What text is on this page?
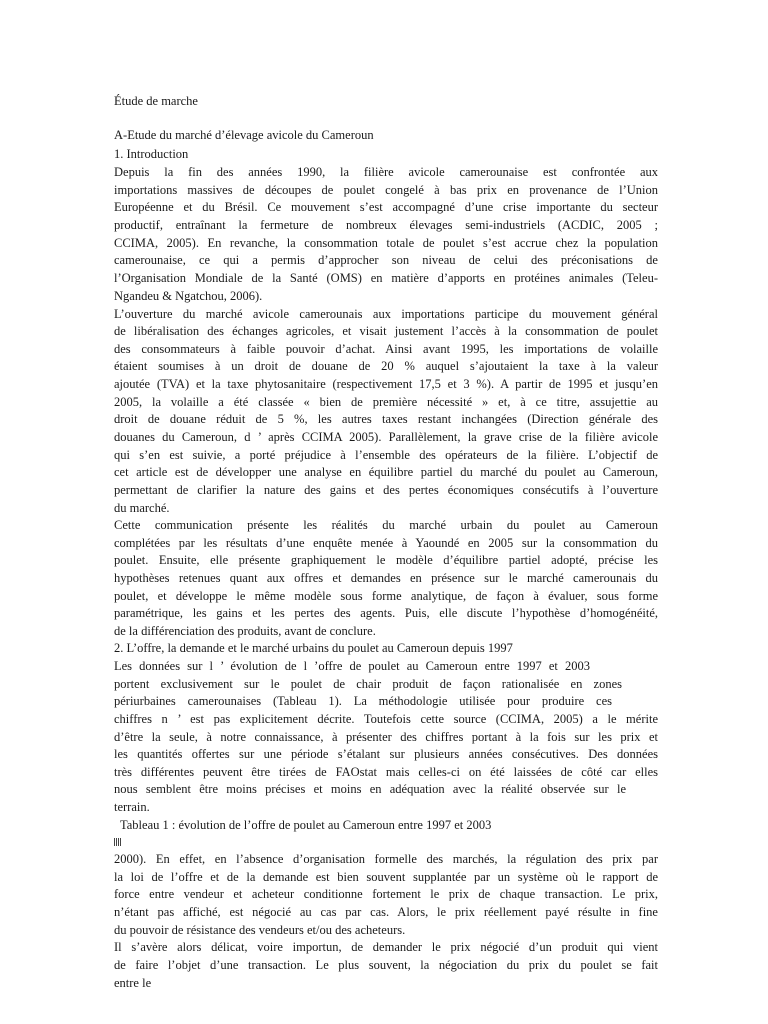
Étude de marche

A-Etude du marché d’élevage avicole du Cameroun

1. Introduction

Depuis la fin des années 1990, la filière avicole camerounaise est confrontée aux

importations massives de découpes de poulet congelé à bas prix en provenance de l’Union

Européenne et du Brésil. Ce mouvement s’est accompagné d’une crise importante du secteur

productif, entraînant la fermeture de nombreux élevages semi-industriels (ACDIC, 2005 ;

CCIMA, 2005). En revanche, la consommation totale de poulet s’est accrue chez la population

camerounaise, ce qui a permis d’approcher son niveau de celui des préconisations de

l’Organisation Mondiale de la Santé (OMS) en matière d’apports en protéines animales (Teleu-

Ngandeu & Ngatchou, 2006).

L’ouverture du marché avicole camerounais aux importations participe du mouvement général

de libéralisation des échanges agricoles, et visait justement l’accès à la consommation de poulet

des consommateurs à faible pouvoir d’achat. Ainsi avant 1995, les importations de volaille

étaient soumises à un droit de douane de 20 % auquel s’ajoutaient la taxe à la valeur

ajoutée (TVA) et la taxe phytosanitaire (respectivement 17,5 et 3 %). A partir de 1995 et jusqu’en

2005, la volaille a été classée « bien de première nécessité » et, à ce titre, assujettie au

droit de douane réduit de 5 %, les autres taxes restant inchangées (Direction générale des

douanes du Cameroun, d ’ après CCIMA 2005). Parallèlement, la grave crise de la filière avicole

qui s’en est suivie, a porté préjudice à l’ensemble des opérateurs de la filière. L’objectif de

cet article est de développer une analyse en équilibre partiel du marché du poulet au Cameroun,

permettant de clarifier la nature des gains et des pertes économiques consécutifs à l’ouverture

du marché.

Cette communication présente les réalités du marché urbain du poulet au Cameroun

complétées par les résultats d’une enquête menée à Yaoundé en 2005 sur la consommation du

poulet. Ensuite, elle présente graphiquement le modèle d’équilibre partiel adopté, précise les

hypothèses retenues quant aux offres et demandes en présence sur le marché camerounais du

poulet, et développe le même modèle sous forme analytique, de façon à évaluer, sous forme

paramétrique, les gains et les pertes des agents. Puis, elle discute l’hypothèse d’homogénéité,

de la différenciation des produits, avant de conclure.

2. L’offre, la demande et le marché urbains du poulet au Cameroun depuis 1997

Les données sur l ’ évolution de l ’offre de poulet au Cameroun entre 1997 et 2003

portent exclusivement sur le poulet de chair produit de façon rationalisée en zones

périurbaines camerounaises (Tableau 1). La méthodologie utilisée pour produire ces

chiffres n ’ est pas explicitement décrite. Toutefois cette source (CCIMA, 2005) a le mérite

d’être la seule, à notre connaissance, à présenter des chiffres portant à la fois sur les prix et

les quantités offertes sur une période s’étalant sur plusieurs années consécutives. Des données

très différentes peuvent être tirées de FAOstat mais celles-ci on été laissées de côté car elles

nous semblent être moins précises et moins en adéquation avec la réalité observée sur le

terrain.

Tableau 1 : évolution de l’offre de poulet au Cameroun entre 1997 et 2003

2000). En effet, en l’absence d’organisation formelle des marchés, la régulation des prix par

la loi de l’offre et de la demande est bien souvent supplantée par un système où le rapport de

force entre vendeur et acheteur conditionne fortement le prix de chaque transaction. Le prix,

n’étant pas affiché, est négocié au cas par cas. Alors, le prix réellement payé résulte in fine

du pouvoir de résistance des vendeurs et/ou des acheteurs.

Il s’avère alors délicat, voire importun, de demander le prix négocié d’un produit qui vient

de faire l’objet d’une transaction. Le plus souvent, la négociation du prix du poulet se fait

entre le
